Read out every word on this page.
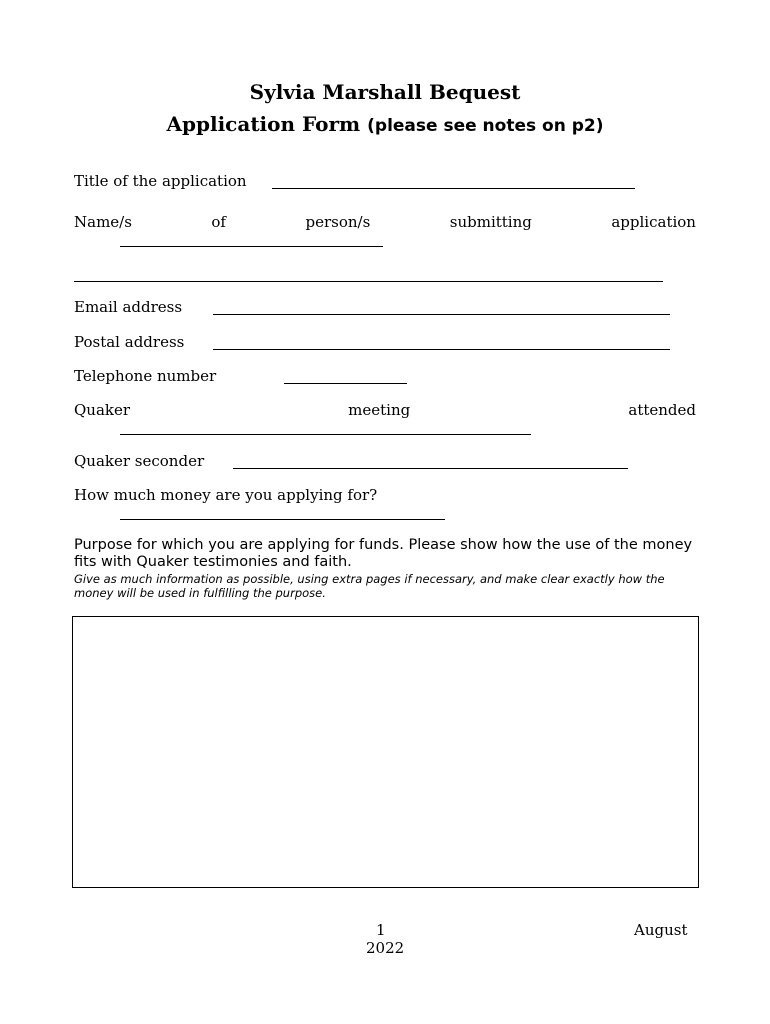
Sylvia Marshall Bequest
Application Form (please see notes on p2)
Title of the application
Name/s	of	person/s	submitting	application
Email address
Postal address
Telephone number
Quaker	meeting	attended
Quaker seconder
How much money are you applying for?
Purpose for which you are applying for funds. Please show how the use of the money fits with Quaker testimonies and faith.
Give as much information as possible, using extra pages if necessary, and make clear exactly how the money will be used in fulfilling the purpose.
1	August
2022
